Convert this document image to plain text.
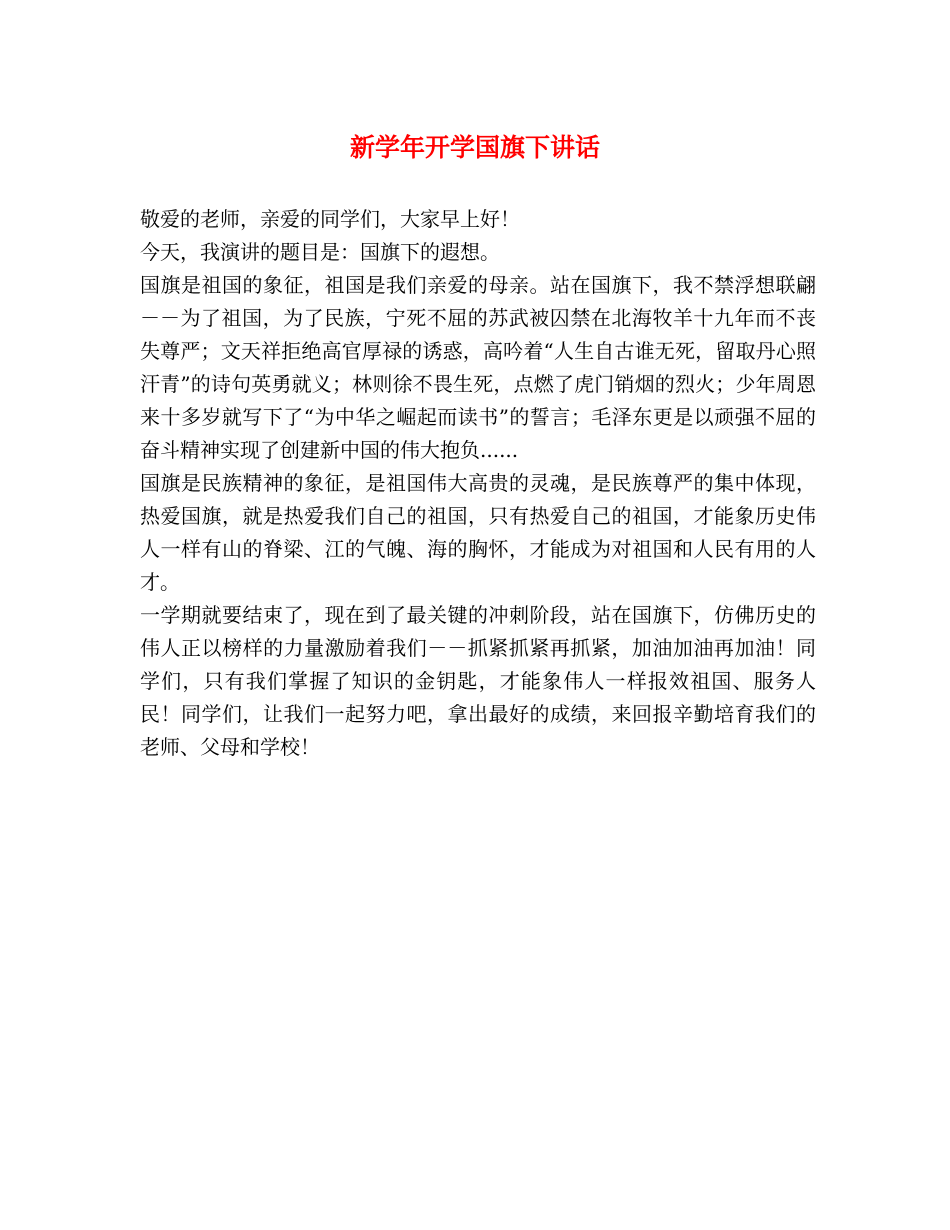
新学年开学国旗下讲话

敬爱的老师，亲爱的同学们，大家早上好！

今天，我演讲的题目是：国旗下的遐想。

国旗是祖国的象征，祖国是我们亲爱的母亲。站在国旗下，我不禁浮想联翩－－为了祖国，为了民族，宁死不屈的苏武被囚禁在北海牧羊十九年而不丧失尊严；文天祥拒绝高官厚禄的诱惑，高吟着“人生自古谁无死，留取丹心照汗青”的诗句英勇就义；林则徐不畏生死，点燃了虎门销烟的烈火；少年周恩来十多岁就写下了“为中华之崛起而读书”的誓言；毛泽东更是以顽强不屈的奋斗精神实现了创建新中国的伟大抱负......

国旗是民族精神的象征，是祖国伟大高贵的灵魂，是民族尊严的集中体现，热爱国旗，就是热爱我们自己的祖国，只有热爱自己的祖国，才能象历史伟人一样有山的脊梁、江的气魄、海的胸怀，才能成为对祖国和人民有用的人才。

一学期就要结束了，现在到了最关键的冲刺阶段，站在国旗下，仿佛历史的伟人正以榜样的力量激励着我们－－抓紧抓紧再抓紧，加油加油再加油！同学们，只有我们掌握了知识的金钥匙，才能象伟人一样报效祖国、服务人民！同学们，让我们一起努力吧，拿出最好的成绩，来回报辛勤培育我们的老师、父母和学校！
